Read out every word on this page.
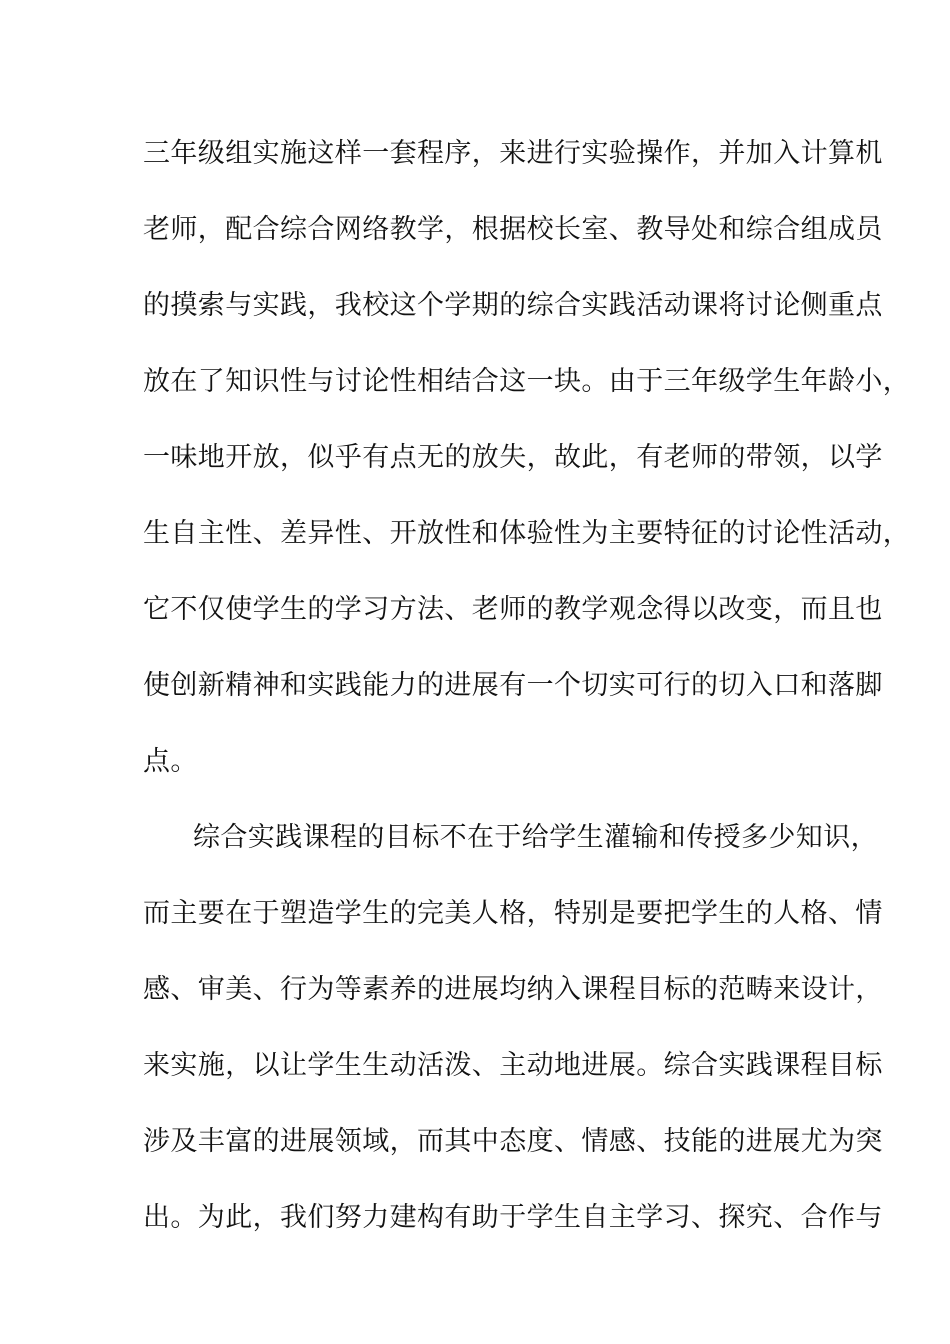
三年级组实施这样一套程序，来进行实验操作，并加入计算机
老师，配合综合网络教学，根据校长室、教导处和综合组成员
的摸索与实践，我校这个学期的综合实践活动课将讨论侧重点
放在了知识性与讨论性相结合这一块。由于三年级学生年龄小，
一味地开放，似乎有点无的放失，故此，有老师的带领，以学
生自主性、差异性、开放性和体验性为主要特征的讨论性活动，
它不仅使学生的学习方法、老师的教学观念得以改变，而且也
使创新精神和实践能力的进展有一个切实可行的切入口和落脚
点。
综合实践课程的目标不在于给学生灌输和传授多少知识，
而主要在于塑造学生的完美人格，特别是要把学生的人格、情
感、审美、行为等素养的进展均纳入课程目标的范畴来设计，
来实施，以让学生生动活泼、主动地进展。综合实践课程目标
涉及丰富的进展领域，而其中态度、情感、技能的进展尤为突
出。为此，我们努力建构有助于学生自主学习、探究、合作与
